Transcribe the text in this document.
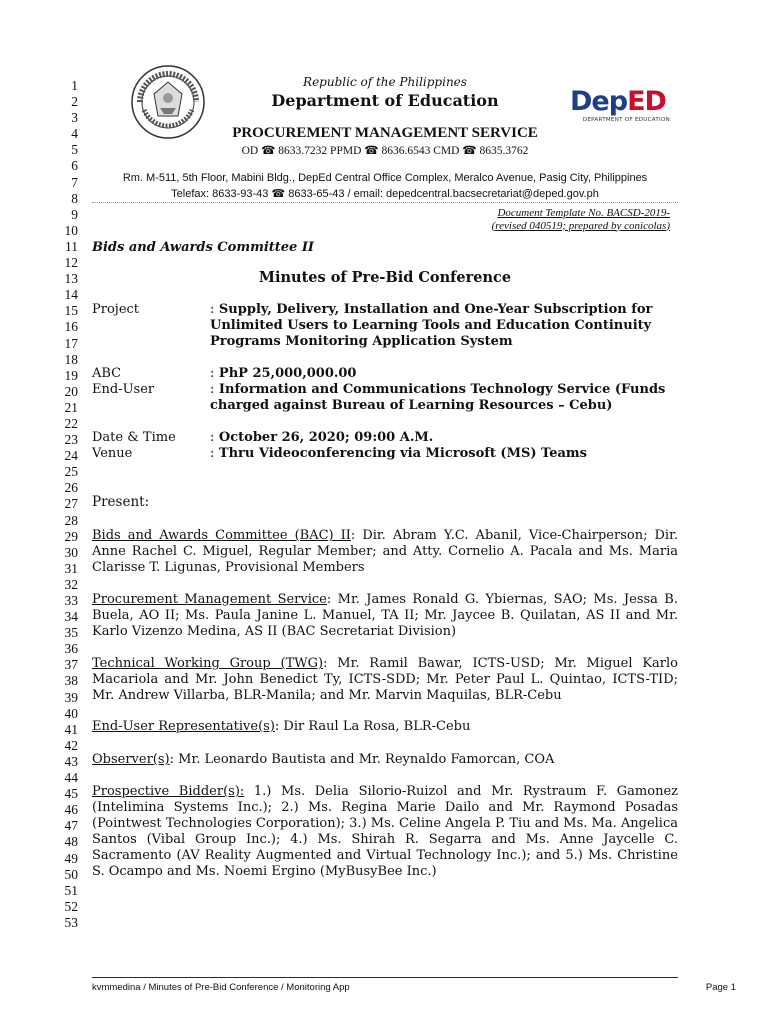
1
2
3
4
5
6
7
8
9
10
11
12
13
14
15
16
17
18
19
20
21
22
23
24
25
26
27
28
29
30
31
32
33
34
35
36
37
38
39
40
41
42
43
44
45
46
47
48
49
50
51
52
53
Republic of the Philippines
Department of Education
PROCUREMENT MANAGEMENT SERVICE
OD ☎ 8633.7232 PPMD ☎ 8636.6543 CMD ☎ 8635.3762
DepED
DEPARTMENT OF EDUCATION
Rm. M-511, 5th Floor, Mabini Bldg., DepEd Central Office Complex, Meralco Avenue, Pasig City, Philippines
Telefax: 8633-93-43 ☎ 8633-65-43 / email: depedcentral.bacsecretariat@deped.gov.ph
Document Template No. BACSD-2019-
(revised 040519; prepared by conicolas)
Bids and Awards Committee II
Minutes of Pre-Bid Conference
Project	: Supply, Delivery, Installation and One-Year Subscription for Unlimited Users to Learning Tools and Education Continuity Programs Monitoring Application System
ABC	: PhP 25,000,000.00
End-User	: Information and Communications Technology Service (Funds charged against Bureau of Learning Resources – Cebu)
Date & Time	: October 26, 2020; 09:00 A.M.
Venue	: Thru Videoconferencing via Microsoft (MS) Teams
Present:
Bids and Awards Committee (BAC) II: Dir. Abram Y.C. Abanil, Vice-Chairperson; Dir. Anne Rachel C. Miguel, Regular Member; and Atty. Cornelio A. Pacala and Ms. Maria Clarisse T. Ligunas, Provisional Members
Procurement Management Service: Mr. James Ronald G. Ybiernas, SAO; Ms. Jessa B. Buela, AO II; Ms. Paula Janine L. Manuel, TA II; Mr. Jaycee B. Quilatan, AS II and Mr. Karlo Vizenzo Medina, AS II (BAC Secretariat Division)
Technical Working Group (TWG): Mr. Ramil Bawar, ICTS-USD; Mr. Miguel Karlo Macariola and Mr. John Benedict Ty, ICTS-SDD; Mr. Peter Paul L. Quintao, ICTS-TID; Mr. Andrew Villarba, BLR-Manila; and Mr. Marvin Maquilas, BLR-Cebu
End-User Representative(s): Dir Raul La Rosa, BLR-Cebu
Observer(s): Mr. Leonardo Bautista and Mr. Reynaldo Famorcan, COA
Prospective Bidder(s): 1.) Ms. Delia Silorio-Ruizol and Mr. Rystraum F. Gamonez (Intelimina Systems Inc.); 2.) Ms. Regina Marie Dailo and Mr. Raymond Posadas (Pointwest Technologies Corporation); 3.) Ms. Celine Angela P. Tiu and Ms. Ma. Angelica Santos (Vibal Group Inc.); 4.) Ms. Shirah R. Segarra and Ms. Anne Jaycelle C. Sacramento (AV Reality Augmented and Virtual Technology Inc.); and 5.) Ms. Christine S. Ocampo and Ms. Noemi Ergino (MyBusyBee Inc.)
kvmmedina / Minutes of Pre-Bid Conference / Monitoring App	Page 1
